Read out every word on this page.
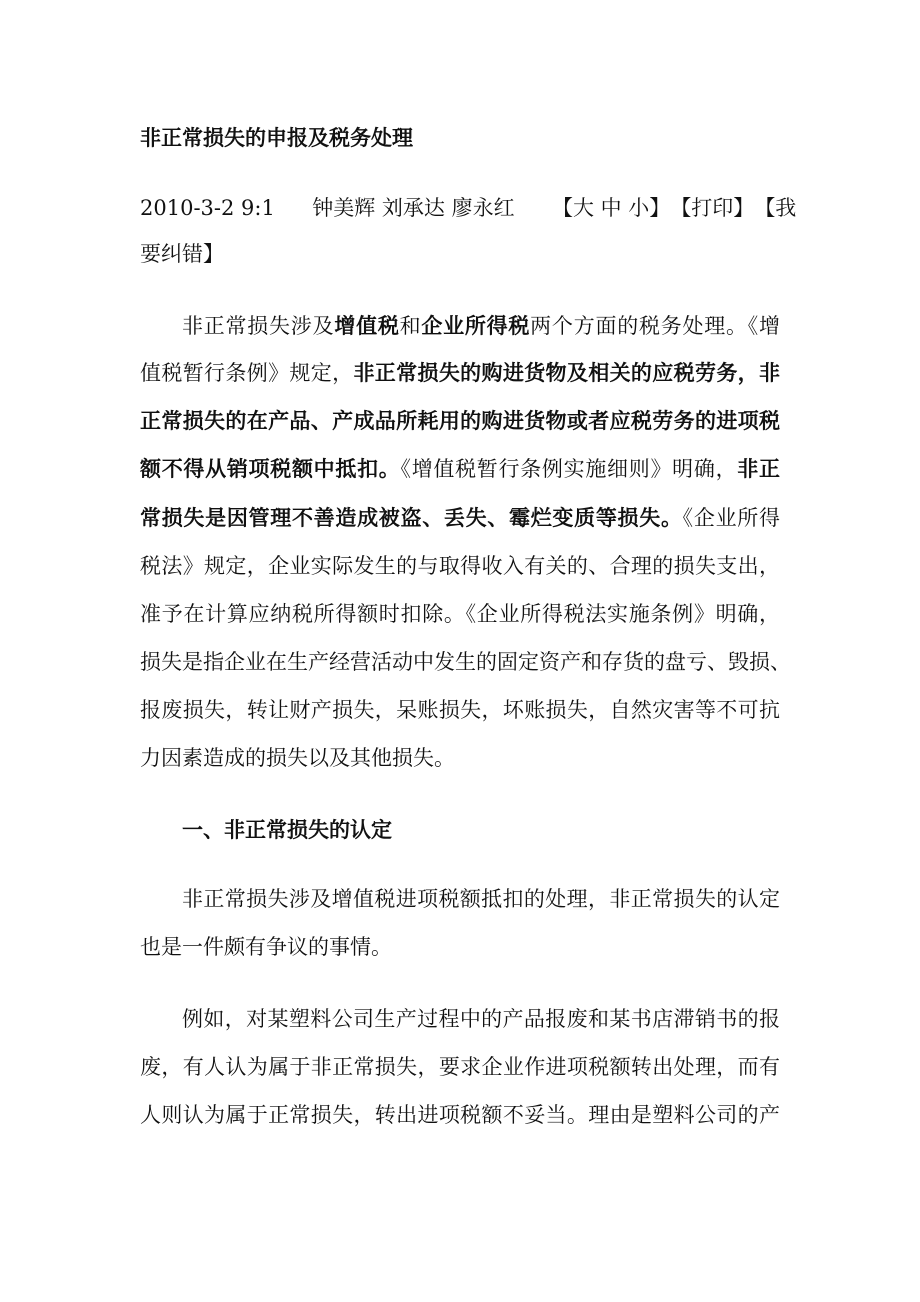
非正常损失的申报及税务处理
2010-3-2 9:1 钟美辉 刘承达 廖永红 【大 中 小】【打印】【我
要纠错】
非正常损失涉及增值税和企业所得税两个方面的税务处理。《增
值税暂行条例》规定，非正常损失的购进货物及相关的应税劳务，非
正常损失的在产品、产成品所耗用的购进货物或者应税劳务的进项税
额不得从销项税额中抵扣。《增值税暂行条例实施细则》明确，非正
常损失是因管理不善造成被盗、丢失、霉烂变质等损失。《企业所得
税法》规定，企业实际发生的与取得收入有关的、合理的损失支出，
准予在计算应纳税所得额时扣除。《企业所得税法实施条例》明确，
损失是指企业在生产经营活动中发生的固定资产和存货的盘亏、毁损、
报废损失，转让财产损失，呆账损失，坏账损失，自然灾害等不可抗
力因素造成的损失以及其他损失。
一、非正常损失的认定
非正常损失涉及增值税进项税额抵扣的处理，非正常损失的认定
也是一件颇有争议的事情。
例如，对某塑料公司生产过程中的产品报废和某书店滞销书的报
废，有人认为属于非正常损失，要求企业作进项税额转出处理，而有
人则认为属于正常损失，转出进项税额不妥当。理由是塑料公司的产
